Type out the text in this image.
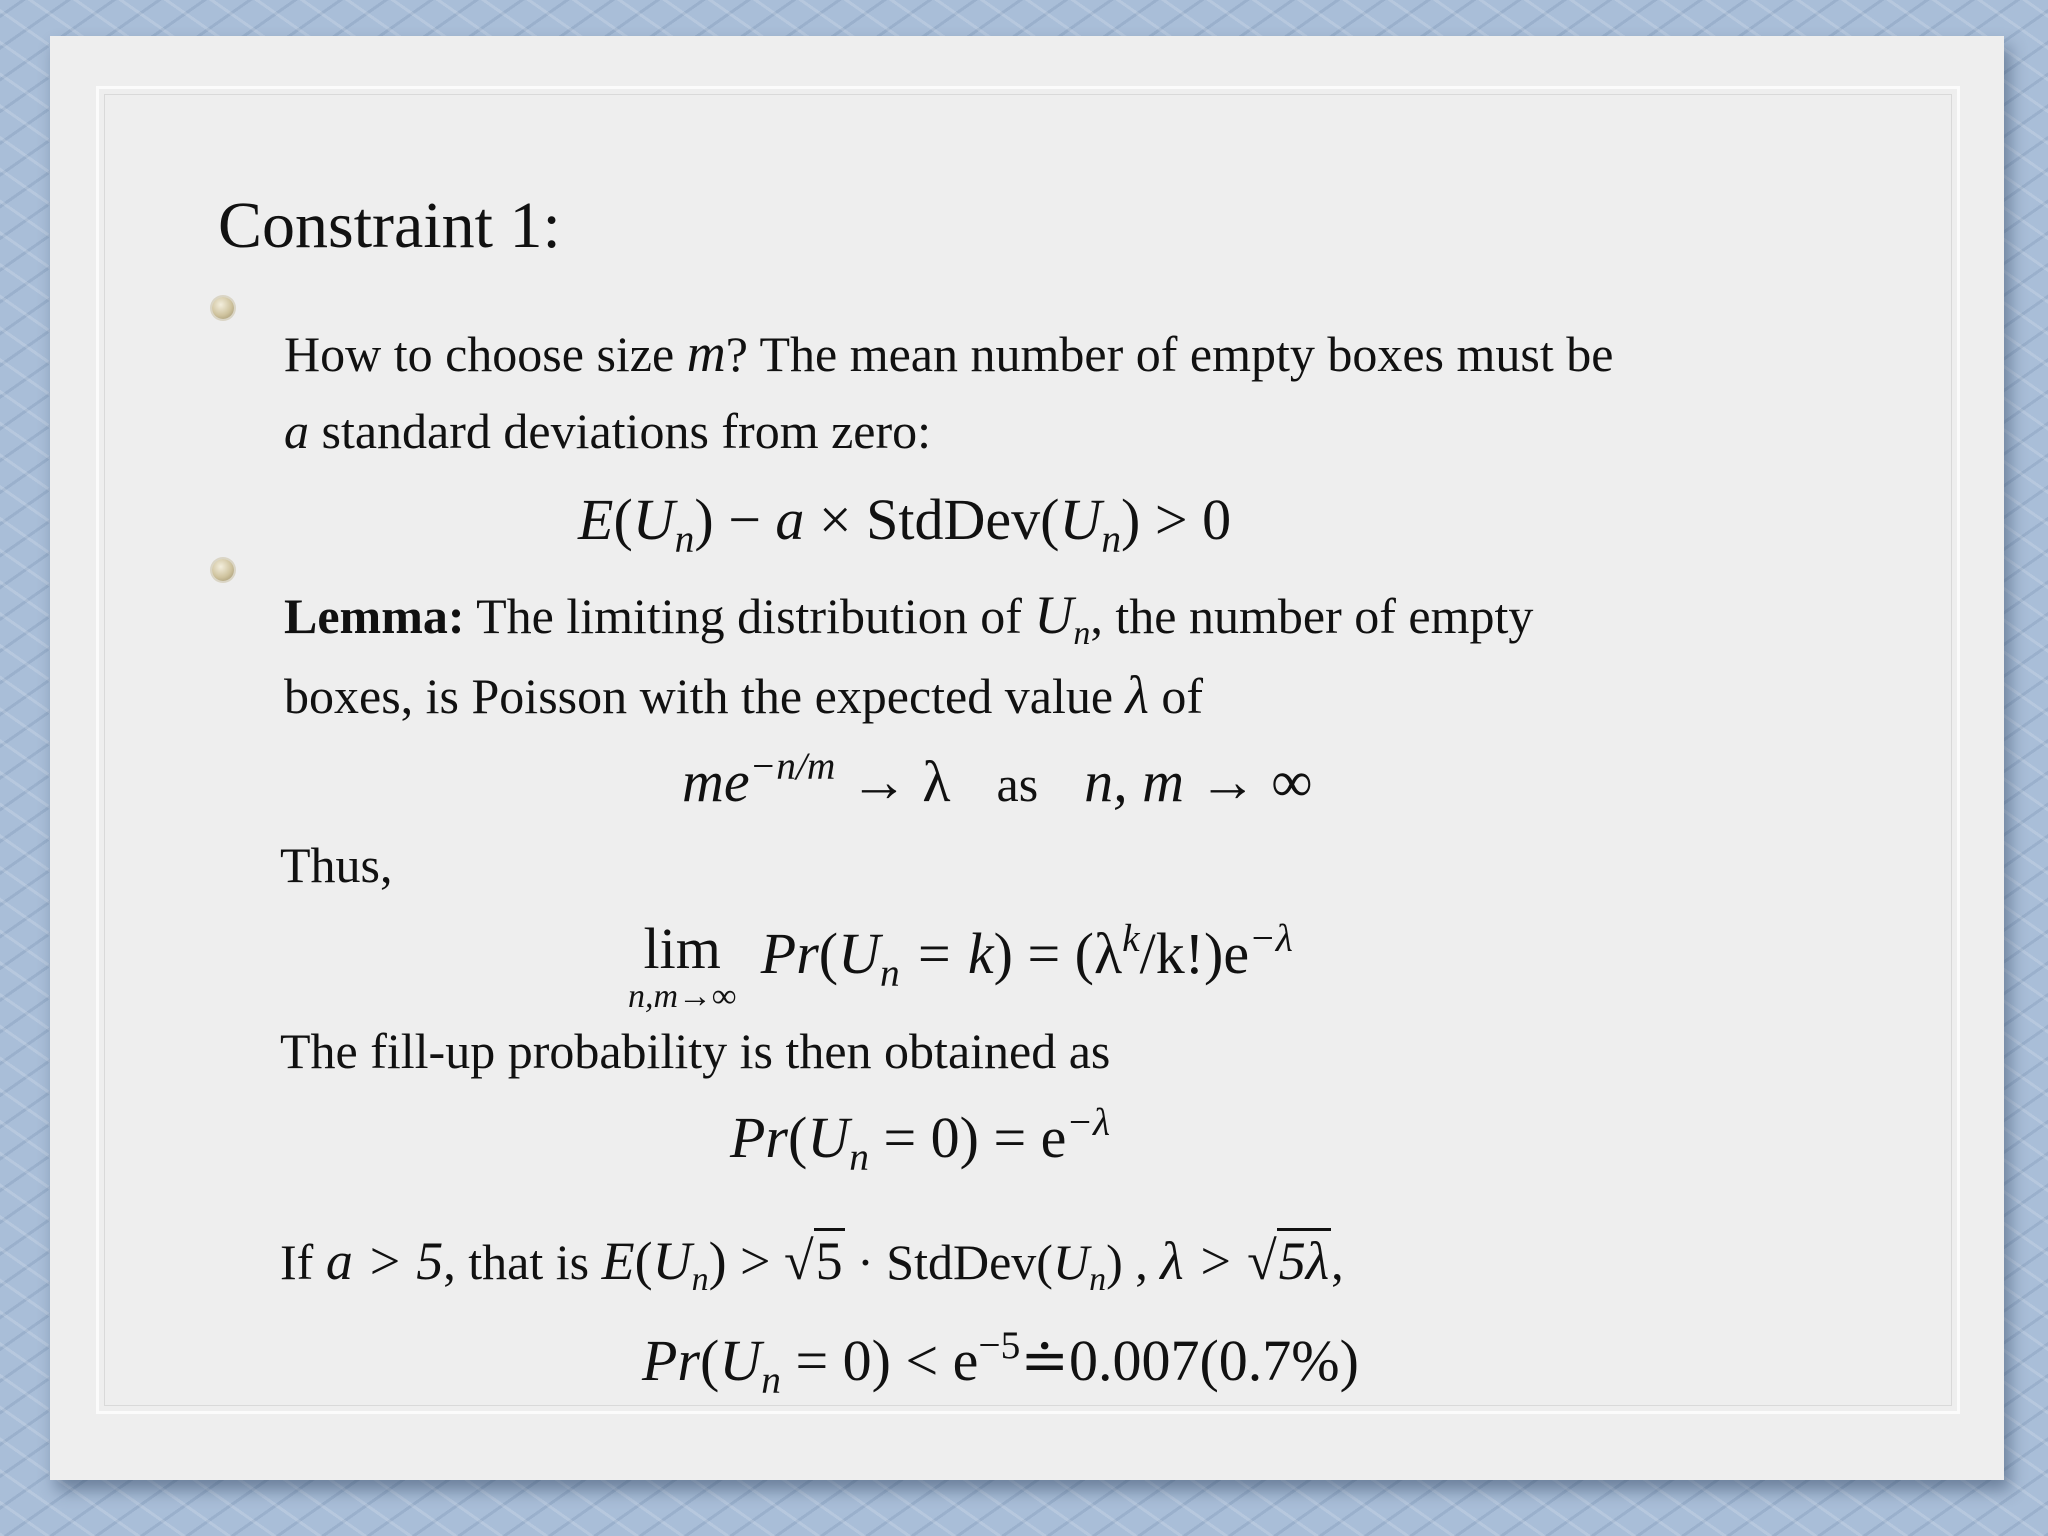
Constraint 1:
How to choose size m? The mean number of empty boxes must be
a standard deviations from zero:
$E(U_n) - a$ × $StdDev(U_n) > 0$
Lemma: The limiting distribution of $U_n$, the number of empty
boxes, is Poisson with the expected value λ of
$me^{-n/m} \to \lambda$ as n, m → ∞
Thus,
lim
n,m→∞
$Pr(U_n = k) = (\lambda^k/k!)e^{-\lambda}$
The fill-up probability is then obtained as
$Pr(U_n = 0) = e^{-\lambda}$
If a > 5, that is $E(U_n) > √5$ · $StdDev(U_n)$ , λ > √5λ,
$Pr(U_n = 0)$ < $e^{-5}≐0.007(0.7\%)$
